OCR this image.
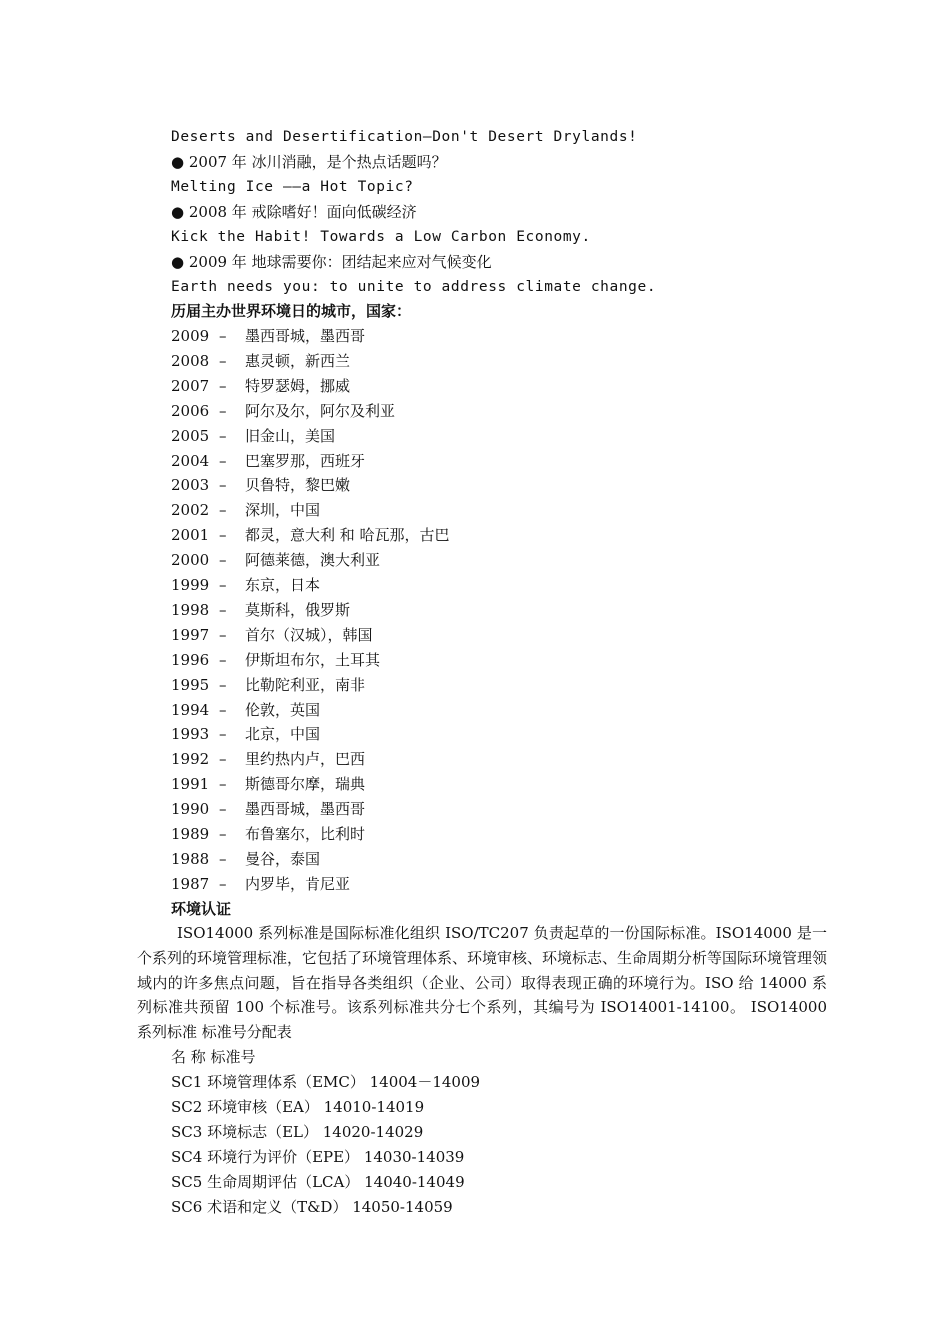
Deserts and Desertification–Don't Desert Drylands!
● 2007 年 冰川消融，是个热点话题吗？
Melting Ice ——a Hot Topic?
● 2008 年 戒除嗜好！面向低碳经济
Kick the Habit! Towards a Low Carbon Economy.
● 2009 年 地球需要你：团结起来应对气候变化
Earth needs you: to unite to address climate change.
历届主办世界环境日的城市，国家：
2009 – 墨西哥城，墨西哥
2008 – 惠灵顿，新西兰
2007 – 特罗瑟姆，挪威
2006 – 阿尔及尔，阿尔及利亚
2005 – 旧金山，美国
2004 – 巴塞罗那，西班牙
2003 – 贝鲁特，黎巴嫩
2002 – 深圳，中国
2001 – 都灵，意大利 和 哈瓦那，古巴
2000 – 阿德莱德，澳大利亚
1999 – 东京，日本
1998 – 莫斯科，俄罗斯
1997 – 首尔（汉城），韩国
1996 – 伊斯坦布尔，土耳其
1995 – 比勒陀利亚，南非
1994 – 伦敦，英国
1993 – 北京，中国
1992 – 里约热内卢，巴西
1991 – 斯德哥尔摩，瑞典
1990 – 墨西哥城，墨西哥
1989 – 布鲁塞尔，比利时
1988 – 曼谷，泰国
1987 – 内罗毕，肯尼亚
环境认证
ISO14000 系列标准是国际标准化组织 ISO/TC207 负责起草的一份国际标准。ISO14000 是一个系列的环境管理标准，它包括了环境管理体系、环境审核、环境标志、生命周期分析等国际环境管理领域内的许多焦点问题，旨在指导各类组织（企业、公司）取得表现正确的环境行为。ISO 给 14000 系列标准共预留 100 个标准号。该系列标准共分七个系列，其编号为 ISO14001-14100。 ISO14000 系列标准 标准号分配表
名 称 标准号
SC1 环境管理体系（EMC） 14004－14009
SC2 环境审核（EA） 14010-14019
SC3 环境标志（EL） 14020-14029
SC4 环境行为评价（EPE） 14030-14039
SC5 生命周期评估（LCA） 14040-14049
SC6 术语和定义（T&D） 14050-14059
